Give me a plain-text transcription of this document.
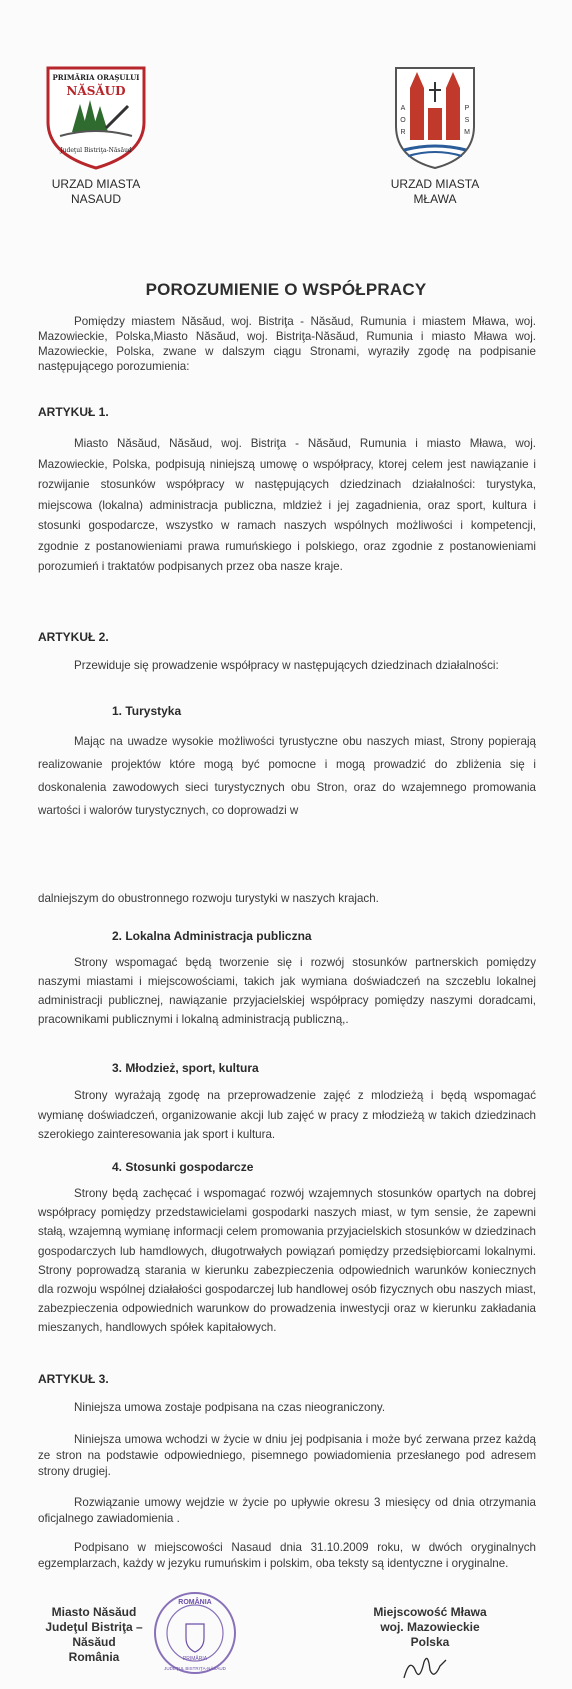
PRIMĂRIA ORAŞULUI
NĂSĂUD
Judeţul Bistriţa-Năsăud
A
O
R
P
S
M
URZAD MIASTA
NASAUD
URZAD MIASTA
MŁAWA
POROZUMIENIE O WSPÓŁPRACY
Pomiędzy miastem Năsăud, woj. Bistriţa - Năsăud, Rumunia i miastem Mława, woj. Mazowieckie, Polska,Miasto Năsăud, woj. Bistriţa-Năsăud, Rumunia i miasto Mława woj. Mazowieckie, Polska, zwane w dalszym ciągu Stronami, wyraziły zgodę na podpisanie następującego porozumienia:
ARTYKUŁ 1.
Miasto Năsăud, Năsăud, woj. Bistriţa - Năsăud, Rumunia i miasto Mława, woj. Mazowieckie, Polska, podpisują niniejszą umowę o współpracy, ktorej celem jest nawiązanie i rozwijanie stosunków współpracy w następujących dziedzinach działalności: turystyka, miejscowa (lokalna) administracja publiczna, mldzież i jej zagadnienia, oraz sport, kultura i stosunki gospodarcze, wszystko w ramach naszych wspólnych możliwości i kompetencji, zgodnie z postanowieniami prawa rumuńskiego i polskiego, oraz zgodnie z postanowieniami porozumień i traktatów podpisanych przez oba nasze kraje.
ARTYKUŁ 2.
Przewiduje się prowadzenie współpracy w następujących dziedzinach działalności:
1. Turystyka
Mając na uwadze wysokie możliwości tyrustyczne obu naszych miast, Strony popierają realizowanie projektów które mogą być pomocne i mogą prowadzić do zbliżenia się i doskonalenia zawodowych sieci turystycznych obu Stron, oraz do wzajemnego promowania wartości i walorów turystycznych, co doprowadzi w
dalniejszym do obustronnego rozwoju turystyki w naszych krajach.
2. Lokalna Administracja publiczna
Strony wspomagać będą tworzenie się i rozwój stosunków partnerskich pomiędzy naszymi miastami i miejscowościami, takich jak wymiana doświadczeń na szczeblu lokalnej administracji publicznej, nawiązanie przyjacielskiej współpracy pomiędzy naszymi doradcami, pracownikami publicznymi i lokalną administracją publiczną,.
3. Młodzież, sport, kultura
Strony wyrażają zgodę na przeprowadzenie zajęć z mlodzieżą i będą wspomagać wymianę doświadczeń, organizowanie akcji lub zajęć w pracy z młodzieżą w takich dziedzinach szerokiego zainteresowania jak sport i kultura.
4. Stosunki gospodarcze
Strony będą zachęcać i wspomagać rozwój wzajemnych stosunków opartych na dobrej współpracy pomiędzy przedstawicielami gospodarki naszych miast, w tym sensie, że zapewni stałą, wzajemną wymianę informacji celem promowania przyjacielskich stosunków w dziedzinach gospodarczych lub hamdlowych, długotrwałych powiązań pomiędzy przedsiębiorcami lokalnymi. Strony poprowadzą starania w kierunku zabezpieczenia odpowiednich warunków koniecznych dla rozwoju wspólnej działałości gospodarczej lub handlowej osób fizycznych obu naszych miast, zabezpieczenia odpowiednich warunkow do prowadzenia inwestycji oraz w kierunku zakładania mieszanych, handlowych spółek kapitałowych.
ARTYKUŁ 3.
Niniejsza umowa zostaje podpisana na czas nieograniczony.
Niniejsza umowa wchodzi w życie w dniu jej podpisania i może być zerwana przez każdą ze stron na podstawie odpowiedniego, pisemnego powiadomienia przesłanego pod adresem strony drugiej.
Rozwiązanie umowy wejdzie w życie po upływie okresu 3 miesięcy od dnia otrzymania oficjalnego zawiadomienia .
Podpisano w miejscowości Nasaud dnia 31.10.2009 roku, w dwóch oryginalnych egzemplarzach, każdy w jezyku rumuńskim i polskim, oba teksty są identyczne i oryginalne.
ROMÂNIA
JUDEŢUL BISTRIŢA-NĂSĂUD
PRIMĂRIA
Miasto Năsăud
Judeţul Bistriţa – Năsăud
România
Miejscowość Mława
woj. Mazowieckie
Polska
